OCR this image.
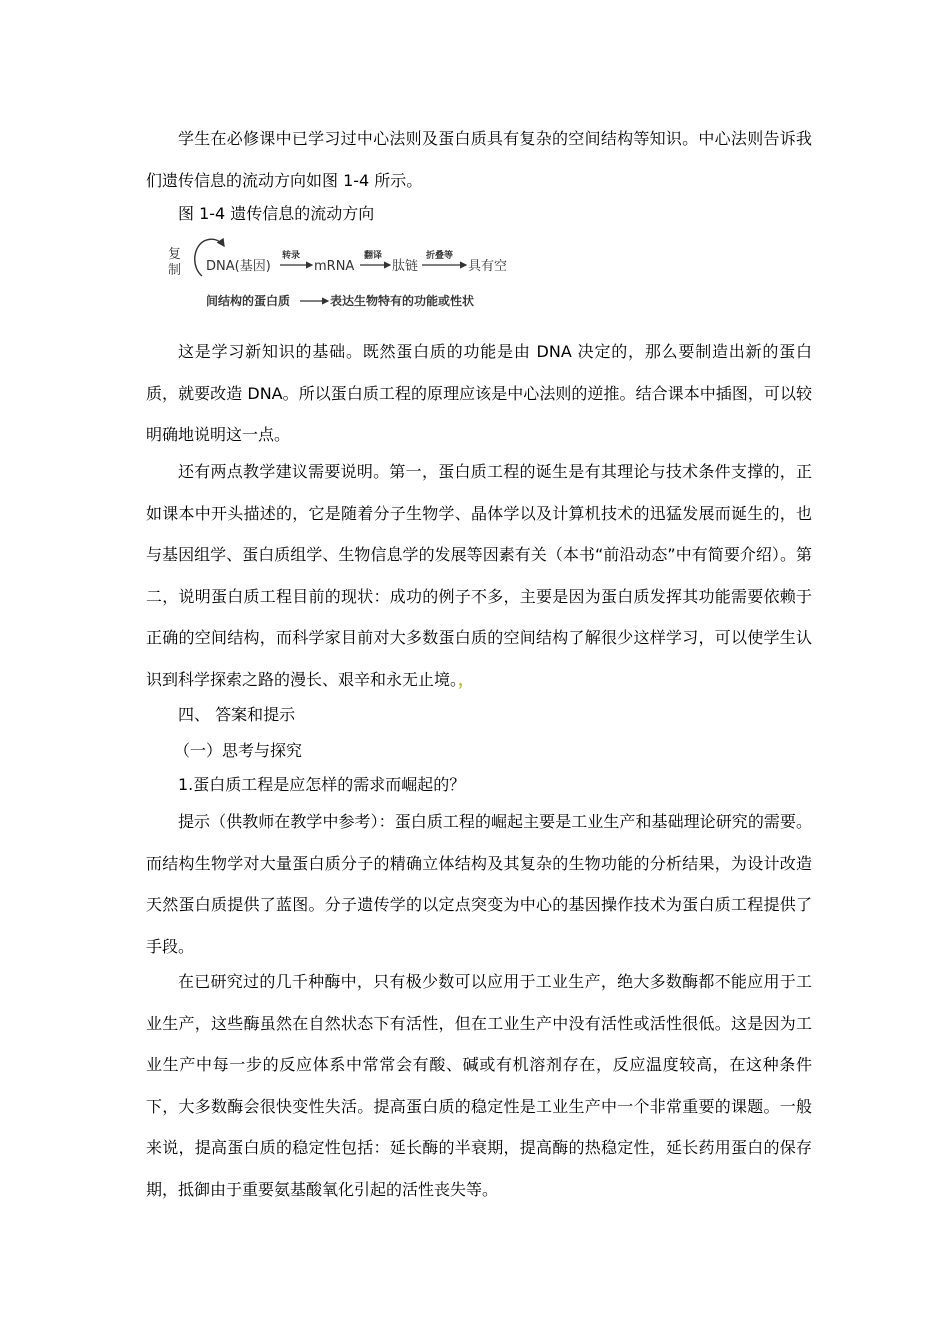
学生在必修课中已学习过中心法则及蛋白质具有复杂的空间结构等知识。中心法则告诉我们遗传信息的流动方向如图 1-4 所示。

图 1-4 遗传信息的流动方向

复
制 DNA(基因)
转录
mRNA
翻译
肽链
折叠等
具有空
间结构的蛋白质	表达生物特有的功能或性状

这是学习新知识的基础。既然蛋白质的功能是由 DNA 决定的，那么要制造出新的蛋白质，就要改造 DNA。所以蛋白质工程的原理应该是中心法则的逆推。结合课本中插图，可以较明确地说明这一点。

还有两点教学建议需要说明。第一，蛋白质工程的诞生是有其理论与技术条件支撑的，正如课本中开头描述的，它是随着分子生物学、晶体学以及计算机技术的迅猛发展而诞生的，也与基因组学、蛋白质组学、生物信息学的发展等因素有关（本书“前沿动态”中有简要介绍）。第二，说明蛋白质工程目前的现状：成功的例子不多，主要是因为蛋白质发挥其功能需要依赖于正确的空间结构，而科学家目前对大多数蛋白质的空间结构了解很少这样学习，可以使学生认识到科学探索之路的漫长、艰辛和永无止境。，

四、 答案和提示

（一）思考与探究

1.蛋白质工程是应怎样的需求而崛起的？

提示（供教师在教学中参考）：蛋白质工程的崛起主要是工业生产和基础理论研究的需要。而结构生物学对大量蛋白质分子的精确立体结构及其复杂的生物功能的分析结果，为设计改造天然蛋白质提供了蓝图。分子遗传学的以定点突变为中心的基因操作技术为蛋白质工程提供了手段。

在已研究过的几千种酶中，只有极少数可以应用于工业生产，绝大多数酶都不能应用于工业生产，这些酶虽然在自然状态下有活性，但在工业生产中没有活性或活性很低。这是因为工业生产中每一步的反应体系中常常会有酸、碱或有机溶剂存在，反应温度较高，在这种条件下，大多数酶会很快变性失活。提高蛋白质的稳定性是工业生产中一个非常重要的课题。一般来说，提高蛋白质的稳定性包括：延长酶的半衰期，提高酶的热稳定性，延长药用蛋白的保存期，抵御由于重要氨基酸氧化引起的活性丧失等。
